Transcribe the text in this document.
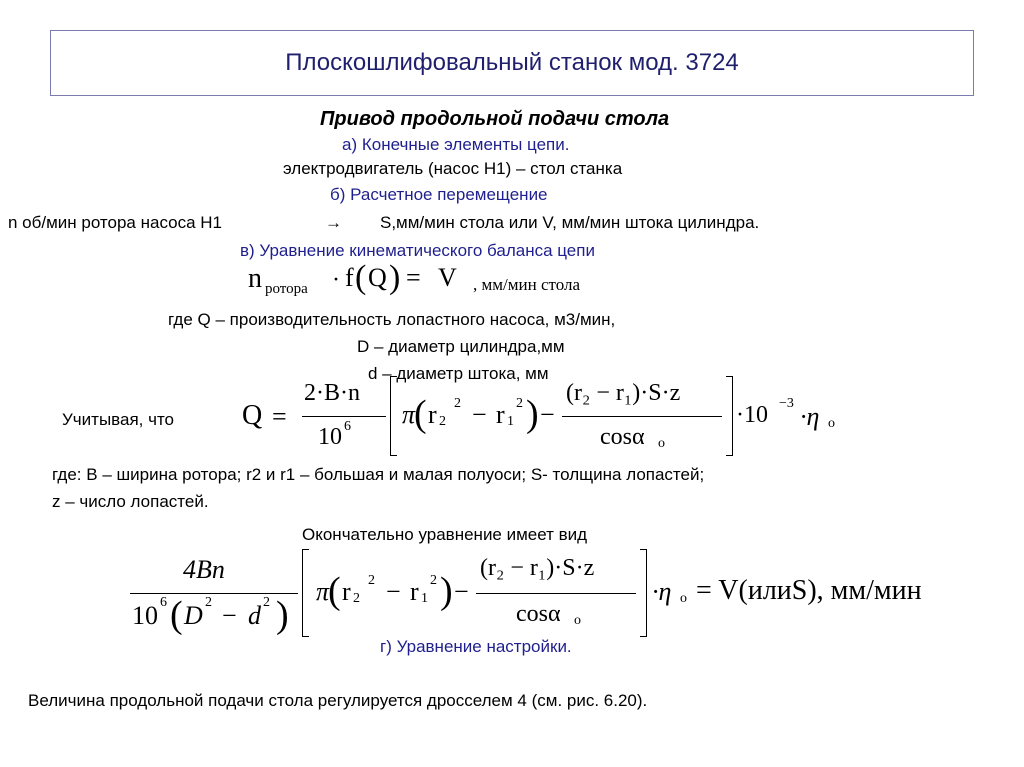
Плоскошлифовальный станок мод. 3724
Привод продольной подачи стола
а) Конечные элементы цепи.
электродвигатель (насос Н1) – стол станка
б) Расчетное перемещение
n об/мин ротора насоса Н1	→ S,мм/мин стола или V, мм/мин штока цилиндра.
в) Уравнение кинематического баланса цепи
n ротора · f ( Q ) = V , мм/мин стола
где Q – производительность лопастного насоса, м3/мин,
D – диаметр цилиндра,мм
d – диаметр штока, мм
Учитывая, что Q =
2·B·n
10 6 π
( r 2
2 − r 1
2 ) −
(r₂ − r₁)·S·z
cosα о
·10 −3 ·η о
где: B – ширина ротора; r2 и r1 – большая и малая полуоси; S- толщина лопастей;
z – число лопастей.
Окончательно уравнение имеет вид
4Bn
10 6 ( D 2 − d 2 )
π
( r 2
2 − r 1
2 ) −
(r₂ − r₁)·S·z
cosα о
·η о = V(илиS), мм/мин
г) Уравнение настройки.
Величина продольной подачи стола регулируется дросселем 4 (см. рис. 6.20).
